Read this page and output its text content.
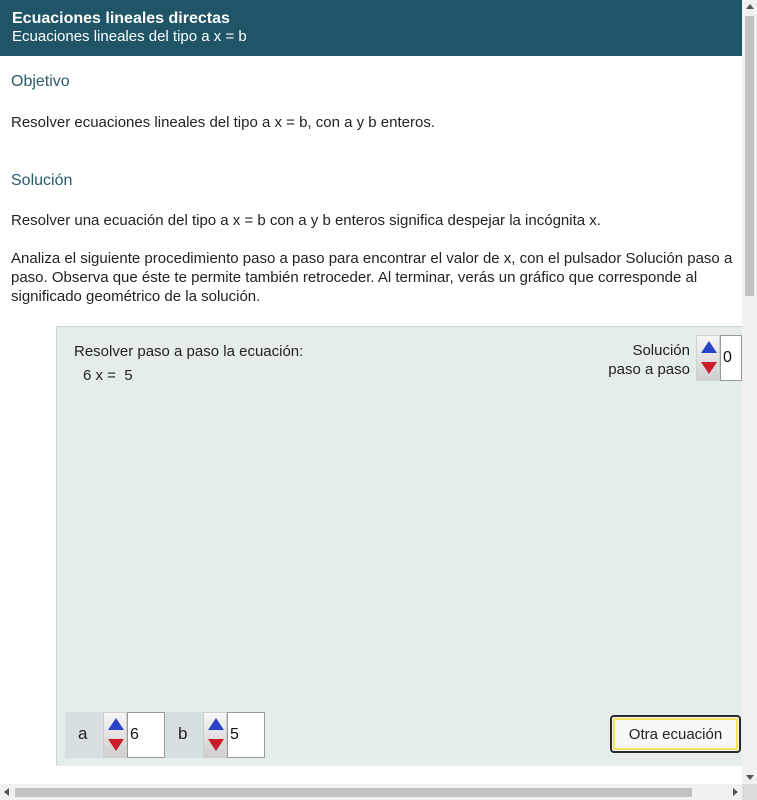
Ecuaciones lineales directas
Ecuaciones lineales del tipo a x = b
Objetivo
Resolver ecuaciones lineales del tipo a x = b, con a y b enteros.
Solución
Resolver una ecuación del tipo a x = b con a y b enteros significa despejar la incógnita x.
Analiza el siguiente procedimiento paso a paso para encontrar el valor de x, con el pulsador Solución paso a paso. Observa que éste te permite también retroceder. Al terminar, verás un gráfico que corresponde al significado geométrico de la solución.
Resolver paso a paso la ecuación:
6 x =  5
Solución
paso a paso
0
a	6	b	5	Otra ecuación
